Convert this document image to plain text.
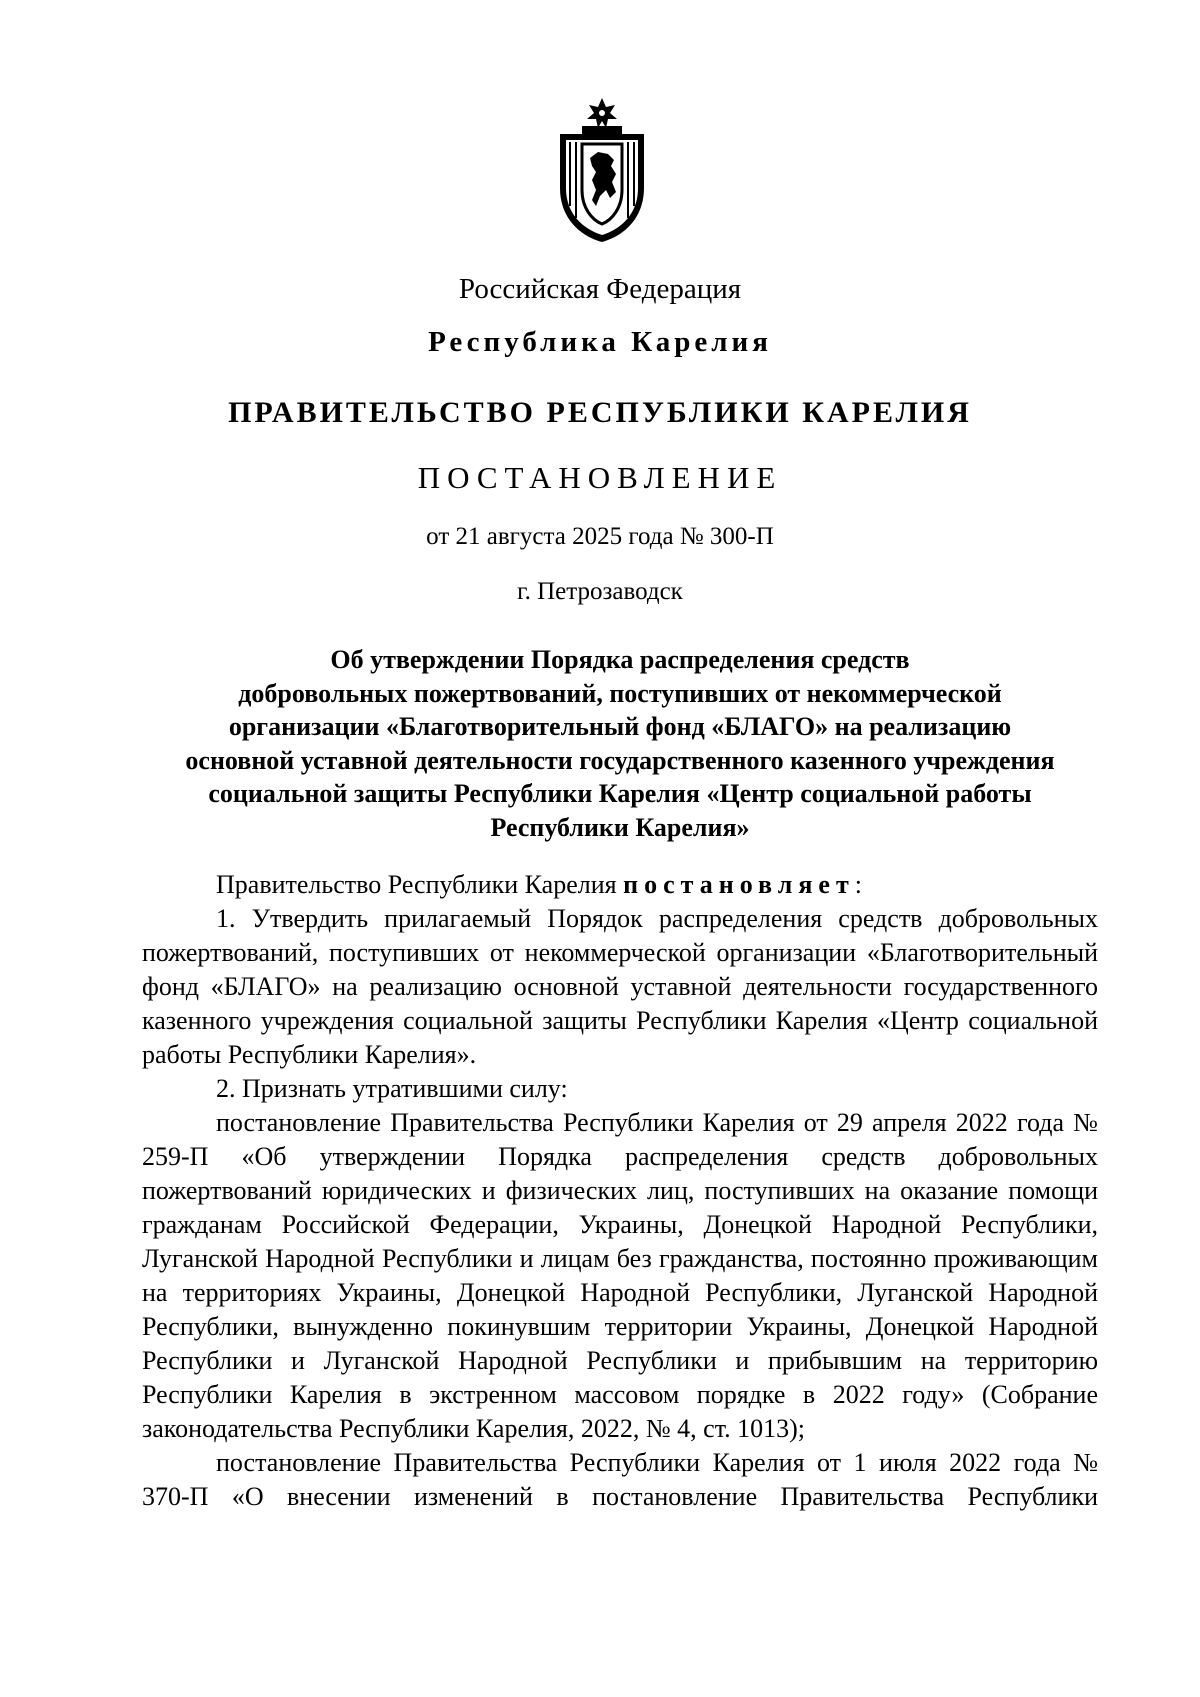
Российская Федерация
Республика Карелия
ПРАВИТЕЛЬСТВО РЕСПУБЛИКИ КАРЕЛИЯ
ПОСТАНОВЛЕНИЕ
от 21 августа 2025 года № 300-П
г. Петрозаводск
Об утверждении Порядка распределения средств
добровольных пожертвований, поступивших от некоммерческой
организации «Благотворительный фонд «БЛАГО» на реализацию
основной уставной деятельности государственного казенного учреждения
социальной защиты Республики Карелия «Центр социальной работы
Республики Карелия»

Правительство Республики Карелия постановляет:

1. Утвердить прилагаемый Порядок распределения средств добровольных пожертвований, поступивших от некоммерческой организации «Благотворительный фонд «БЛАГО» на реализацию основной уставной деятельности государственного казенного учреждения социальной защиты Республики Карелия «Центр социальной работы Республики Карелия».

2. Признать утратившими силу:

постановление Правительства Республики Карелия от 29 апреля 2022 года № 259-П «Об утверждении Порядка распределения средств добровольных пожертвований юридических и физических лиц, поступивших на оказание помощи гражданам Российской Федерации, Украины, Донецкой Народной Республики, Луганской Народной Республики и лицам без гражданства, постоянно проживающим на территориях Украины, Донецкой Народной Республики, Луганской Народной Республики, вынужденно покинувшим территории Украины, Донецкой Народной Республики и Луганской Народной Республики и прибывшим на территорию Республики Карелия в экстренном массовом порядке в 2022 году» (Собрание законодательства Республики Карелия, 2022, № 4, ст. 1013);

постановление Правительства Республики Карелия от 1 июля 2022 года № 370-П «О внесении изменений в постановление Правительства Республики
